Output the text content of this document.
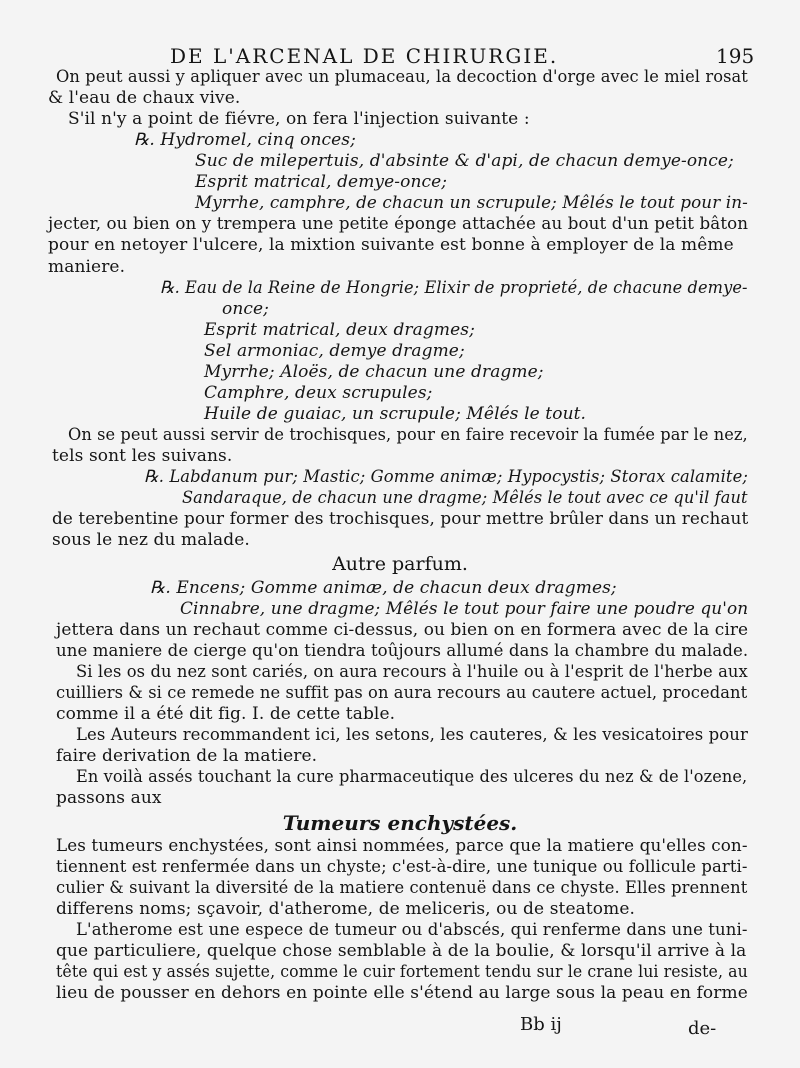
DE L'ARCENAL DE CHIRURGIE.	195
On peut aussi y apliquer avec un plumaceau, la decoction d'orge avec le miel rosat
& l'eau de chaux vive.
S'il n'y a point de fiévre, on fera l'injection suivante :
℞. Hydromel, cinq onces;
Suc de milepertuis, d'absinte & d'api, de chacun demye-once;
Esprit matrical, demye-once;
Myrrhe, camphre, de chacun un scrupule; Mêlés le tout pour in-
jecter, ou bien on y trempera une petite éponge attachée au bout d'un petit bâton
pour en netoyer l'ulcere, la mixtion suivante est bonne à employer de la même
maniere.
℞. Eau de la Reine de Hongrie; Elixir de proprieté, de chacune demye-
once;
Esprit matrical, deux dragmes;
Sel armoniac, demye dragme;
Myrrhe; Aloës, de chacun une dragme;
Camphre, deux scrupules;
Huile de guaiac, un scrupule; Mêlés le tout.
On se peut aussi servir de trochisques, pour en faire recevoir la fumée par le nez,
tels sont les suivans.
℞. Labdanum pur; Mastic; Gomme animæ; Hypocystis; Storax calamite;
Sandaraque, de chacun une dragme; Mêlés le tout avec ce qu'il faut
de terebentine pour former des trochisques, pour mettre brûler dans un rechaut
sous le nez du malade.
Autre parfum.
℞. Encens; Gomme animæ, de chacun deux dragmes;
Cinnabre, une dragme; Mêlés le tout pour faire une poudre qu'on
jettera dans un rechaut comme ci-dessus, ou bien on en formera avec de la cire
une maniere de cierge qu'on tiendra toûjours allumé dans la chambre du malade.
Si les os du nez sont cariés, on aura recours à l'huile ou à l'esprit de l'herbe aux
cuilliers & si ce remede ne suffit pas on aura recours au cautere actuel, procedant
comme il a été dit fig. I. de cette table.
Les Auteurs recommandent ici, les setons, les cauteres, & les vesicatoires pour
faire derivation de la matiere.
En voilà assés touchant la cure pharmaceutique des ulceres du nez & de l'ozene,
passons aux
Tumeurs enchystées.
Les tumeurs enchystées, sont ainsi nommées, parce que la matiere qu'elles con-
tiennent est renfermée dans un chyste; c'est-à-dire, une tunique ou follicule parti-
culier & suivant la diversité de la matiere contenuë dans ce chyste. Elles prennent
differens noms; sçavoir, d'atherome, de meliceris, ou de steatome.
L'atherome est une espece de tumeur ou d'abscés, qui renferme dans une tuni-
que particuliere, quelque chose semblable à de la boulie, & lorsqu'il arrive à la
tête qui est y assés sujette, comme le cuir fortement tendu sur le crane lui resiste, au
lieu de pousser en dehors en pointe elle s'étend au large sous la peau en forme
Bb ij	de-
